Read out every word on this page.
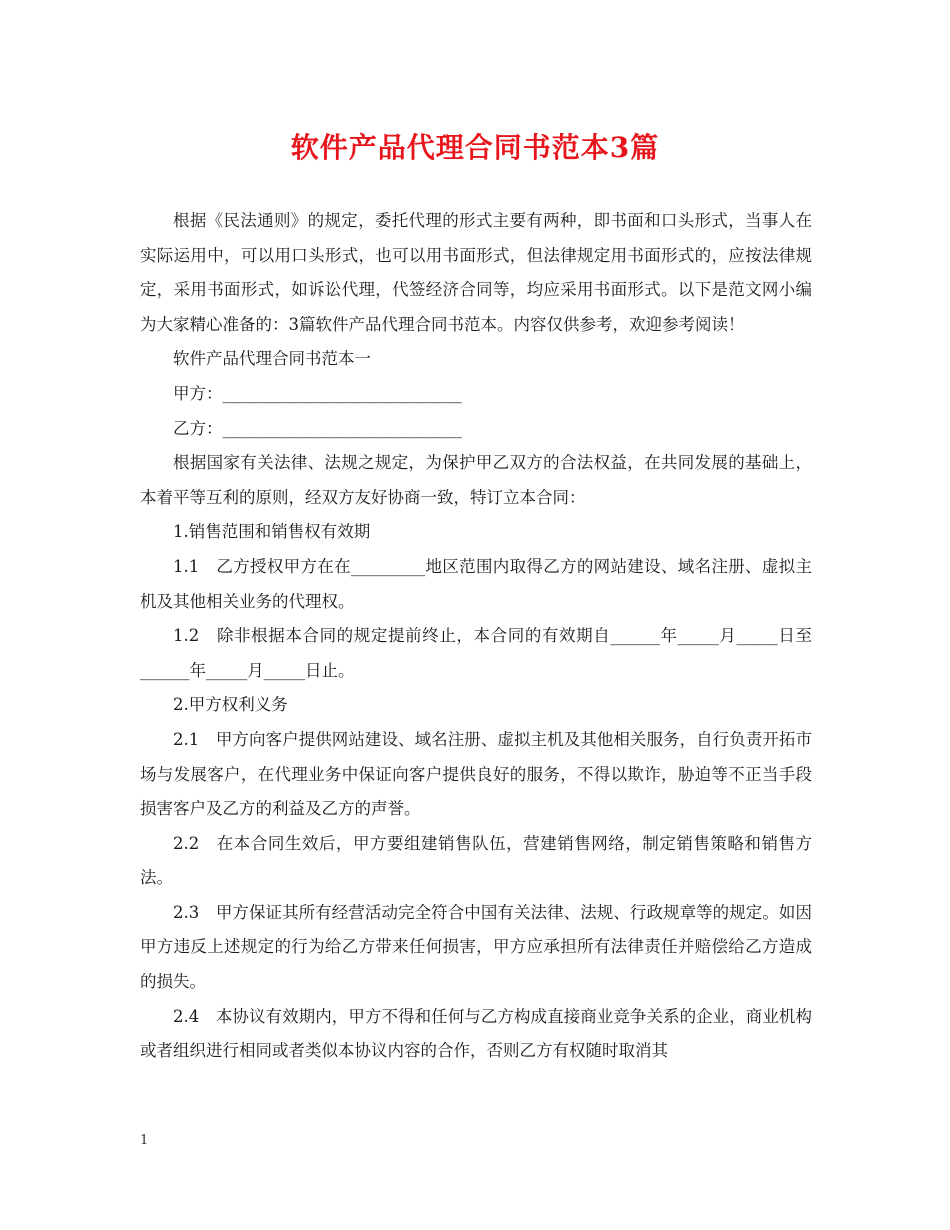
软件产品代理合同书范本3篇

根据《民法通则》的规定，委托代理的形式主要有两种，即书面和口头形式，当事人在实际运用中，可以用口头形式，也可以用书面形式，但法律规定用书面形式的，应按法律规定，采用书面形式，如诉讼代理，代签经济合同等，均应采用书面形式。以下是范文网小编为大家精心准备的：3篇软件产品代理合同书范本。内容仅供参考，欢迎参考阅读！

软件产品代理合同书范本一

甲方：_____________________________

乙方：_____________________________

根据国家有关法律、法规之规定，为保护甲乙双方的合法权益，在共同发展的基础上，本着平等互利的原则，经双方友好协商一致，特订立本合同：

1.销售范围和销售权有效期

1.1　乙方授权甲方在在_________地区范围内取得乙方的网站建设、域名注册、虚拟主机及其他相关业务的代理权。

1.2　除非根据本合同的规定提前终止，本合同的有效期自______年_____月_____日至______年_____月_____日止。

2.甲方权利义务

2.1　甲方向客户提供网站建设、域名注册、虚拟主机及其他相关服务，自行负责开拓市场与发展客户，在代理业务中保证向客户提供良好的服务，不得以欺诈，胁迫等不正当手段损害客户及乙方的利益及乙方的声誉。

2.2　在本合同生效后，甲方要组建销售队伍，营建销售网络，制定销售策略和销售方法。

2.3　甲方保证其所有经营活动完全符合中国有关法律、法规、行政规章等的规定。如因甲方违反上述规定的行为给乙方带来任何损害，甲方应承担所有法律责任并赔偿给乙方造成的损失。

2.4　本协议有效期内，甲方不得和任何与乙方构成直接商业竞争关系的企业，商业机构或者组织进行相同或者类似本协议内容的合作，否则乙方有权随时取消其

1
